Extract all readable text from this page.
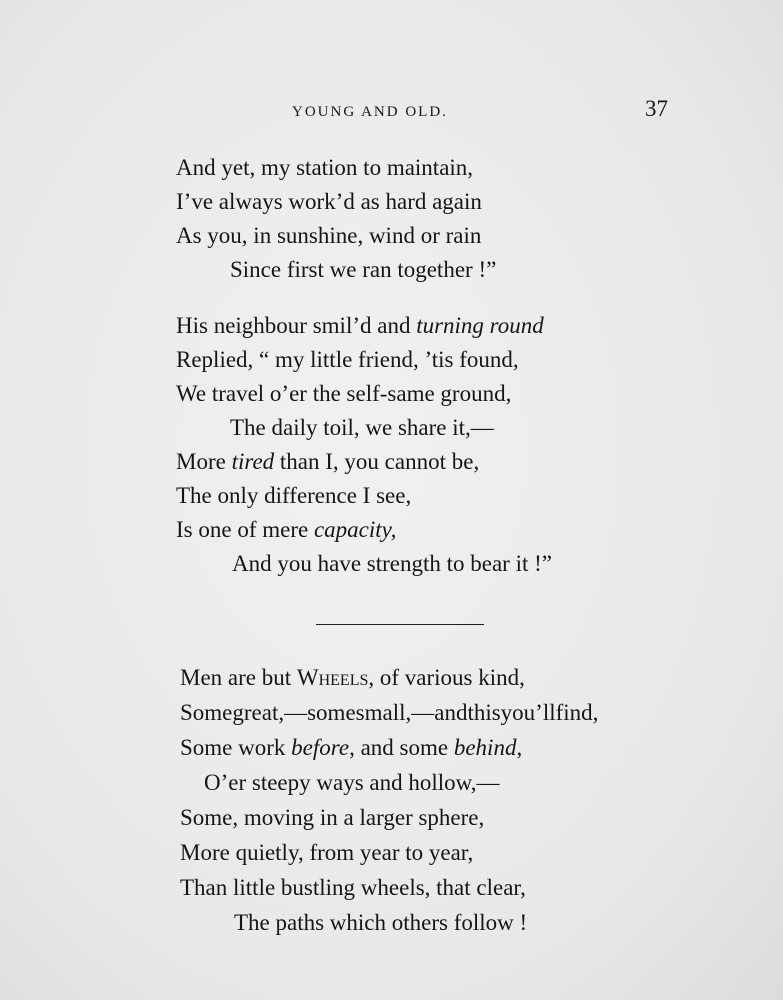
YOUNG AND OLD.	37
And yet, my station to maintain,
I’ve always work’d as hard again
As you, in sunshine, wind or rain
Since first we ran together !”
His neighbour smil’d and turning round
Replied, “ my little friend, ’tis found,
We travel o’er the self-same ground,
The daily toil, we share it,—
More tired than I, you cannot be,
The only difference I see,
Is one of mere capacity,
And you have strength to bear it !”
Men are but Wheels, of various kind,
Somegreat,—somesmall,—andthisyou’llfind,
Some work before, and some behind,
O’er steepy ways and hollow,—
Some, moving in a larger sphere,
More quietly, from year to year,
Than little bustling wheels, that clear,
The paths which others follow !
